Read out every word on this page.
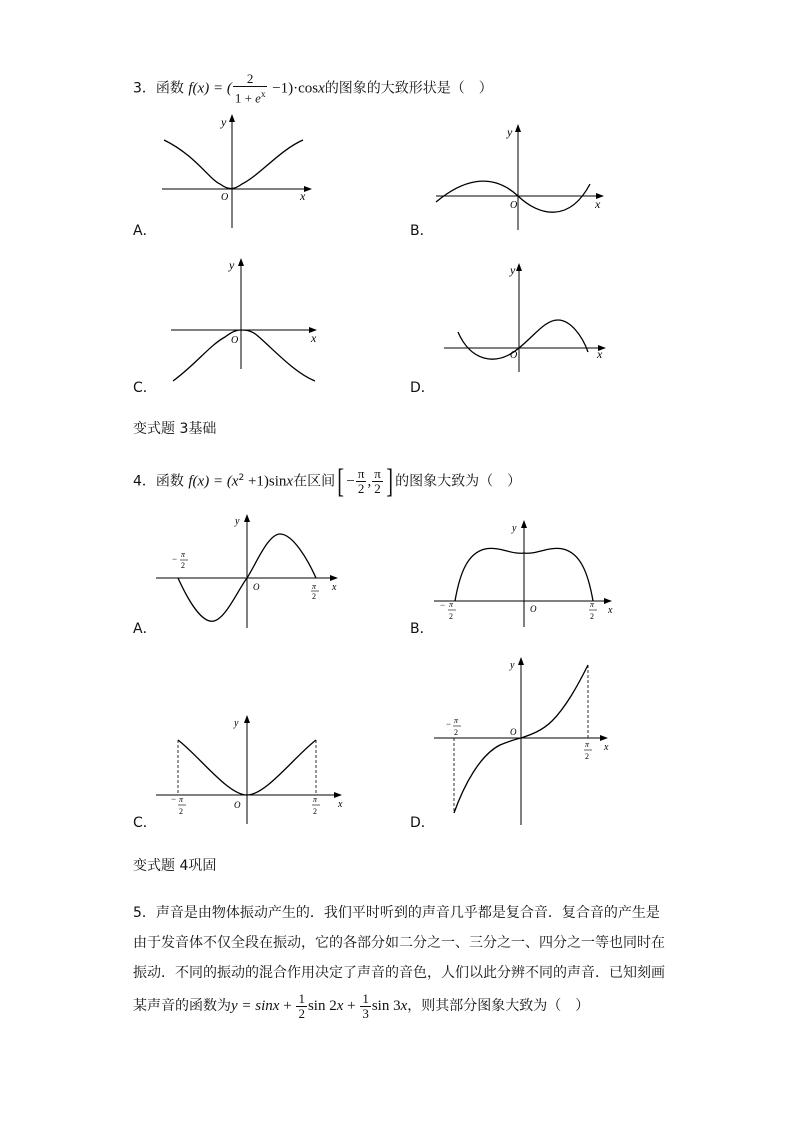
3．函数 f(x) = ( $\frac{2}{1 + e^x} -1)\cdot\cos x$的图象的大致形状是（　）
y
x
O
A．
y
x
O
B．
y
x
O
C．
y
x
O
D．
变式题 3基础
4．函数 $f(x) = (x^2 +1)\sin x$在区间[ − $\frac{\pi}{2}$ , $\frac{\pi}{2}$ ] 的图象大致为（　）
y
x
O
− π
2
π
2
A．
y
x
O
− π
2
π
2
B．
y
x
O
− π
2
π
2
C．
y
x
O
− π
2
π
2
D．
变式题 4巩固

5．声音是由物体振动产生的．我们平时听到的声音几乎都是复合音．复合音的产生是

由于发音体不仅全段在振动，它的各部分如二分之一、三分之一、四分之一等也同时在

振动．不同的振动的混合作用决定了声音的音色，人们以此分辨不同的声音．已知刻画

某声音的函数为$y = \sin x + \frac{1}{2}$ $\sin 2x + \frac{1}{3}$ sin 3x，则其部分图象大致为（　）
